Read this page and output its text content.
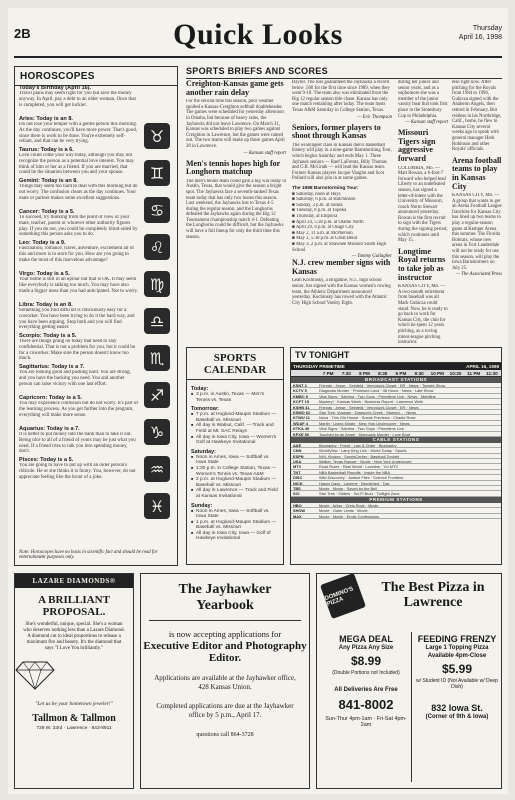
2B	Quick Looks	Thursday
April 16, 1998
HOROSCOPES
Today's Birthday (April 16).
Travel plans may seem right for you but save the money anyway. In April, pay a debt to an older woman. Once that is completed, you will get luckier.
Aries: Today is an 8.
Do not lose your temper with a gentle person this morning. As the day continues, you'll have more power. That's good, since there is work to be done. You're extremely self-reliant, and that can be very trying.
Taurus: Today is a 6.
Love could come your way today, although you may not recognize the person as a potential love interest. You may think of him or her as a friend. If you are married, that could be the situation between you and your spouse.
Gemini: Today is an 8.
Things may seem too hard to deal with this morning but do not worry. The confusion clears as the day continues. Your mate or partner makes some excellent suggestions.
Cancer: Today is a 5.
To succeed, try thinking from the point of view of your mate, teacher, parent or whoever other authority figures play. If you do not, you could be completely blind-sided by something this person asks you to do.
Leo: Today is a 9.
Fascination, romance, travel, adventure, excitement all of this and more is in store for you. How are you going to make the most of this marvelous advantage?
Virgo: Today is a 5.
Your home is still in an uproar but that is OK. It may seem like everybody is talking too much. You may have also made a bigger mess than you had anticipated. Not to worry.
Libra: Today is an 8.
Something you find difficult is ridiculously easy for a coworker. You have been trying to do it the hard way, and you have been arguing. Stop both and you will find everything getting easier.
Scorpio: Today is a 5.
There are things going on today that need to stay confidential. That is not a problem for you, but it could be for a coworker. Make sure the person doesn't know too much.
Sagittarius: Today is a 7.
You are looking good and pushing hard. You are strong, and you have the backing you need. You and another person can raise victory with one last effort.
Capricorn: Today is a 5.
You may experience confusion but do not worry. It's part of the learning process. As you get further into the program, everything will make more sense.
Aquarius: Today is a 7.
It is better to put money into the bank than to take it out. Being nice to all of a friend of yours may be just what you need. If a friend tries to talk you into spending money, don't.
Pisces: Today is a 5.
You are going to have to put up with an older person's ridicule. He or she thinks it is funny. You, however, do not appreciate feeling like the brunt of a joke.
♉
♊
♋
♌
♍
♎
♏
♐
♑
♒
♓
Note: Horoscopes have no basis in scientific fact and should be read for entertainment purposes only.
SPORTS BRIEFS AND SCORES
Creighton-Kansas game gets another rain delay
For the second time this season, poor weather spoiled a Kansas-Creighton softball doubleheader. The games were scheduled for yesterday afternoon in Omaha, but because of heavy rains, the Jayhawks did not leave Lawrence. On March 31, Kansas was scheduled to play two games against Creighton in Lawrence, but the games were rained out. The two teams will make up those games April 28 in Lawrence.
— Kansan staff report
Men's tennis hopes high for Longhorn matchup
The men's tennis team could gain a big win today in Austin, Texas, that would give the season a bright spot. The Jayhawks face a seventh-ranked Texas team today that has only two losses this season. Last weekend, the Jayhawks lost to Texas 4-5 during the regular season, and the Longhorns defeated the Jayhawks again during the Big 12 Tournament championship match 4-1. Defeating the Longhorns could be difficult, but the Jayhawks will have a full lineup for only the third time this season.
Baylor. The loss guaranteed the Jayhawks a record below .500 for the first time since 1989, when they went 9-18. The team also was eliminated from the Big 12 regular season title chase. Kansas has only one match remaining after today. The team hosts Texas A&M Saturday in College Station, Texas.
— Eric Thompson
Seniors, former players to shoot through Kansas
The winningest class in Kansas men's basketball history will play in a nine-game Barnstorming Tour, which begins Saturday and ends May 1. Three Jayhawk seniors — Raef LaFrentz, Billy Thomas and C.B. McGrath — will lead the Kansas team. Former Kansas players Jacque Vaughn and Scot Pollard will also join in at some games.
The 1998 Barnstorming Tour:
■ Saturday, noon at Hays
■ Saturday, 6 p.m. at Hutchinson
■ Sunday, 3 p.m. at Salina
■ Tuesday, 8 p.m. at Topeka
■ Thursday, at Emporia
■ April 24, 5:30 p.m. at Olathe North
■ April 29, 8 p.m. at Osage City
■ May 2, 11 a.m. at McPherson
■ May 2, 5:30 p.m. at Great Bend
■ May 3, 2 p.m. at Shawnee Mission South High School
— Tommy Gallagher
N.J. crew member signs with Kansas
Leah Kochinsky, a Brigatine, N.J., high school senior, has signed with the Kansas women's rowing team, the Athletic Department announced yesterday. Kochinsky has rowed with the Atlantic City High School Varsity Eight.
during her junior and senior years, and as a sophomore she was a member of the junior varsity boat that took first place in the Stotesbury Cup in Philadelphia.
— Kansan staff report
Missouri Tigers sign aggressive forward
COLUMBIA, Mo. — Matt Rowan, a 6-foot-7 forward who helped lead Liberty to an undefeated season, has signed a letter-of-intent with the University of Missouri, coach Norm Stewart announced yesterday. Rowan is the first recruit to sign with the Tigers during the signing period, which continues until May 15.
Longtime Royal returns to take job as instructor
KANSAS CITY, Mo. — A two-month retirement from baseball was all Mark Gubicza could stand. Now, he is ready to go back to work for Kansas City, the club for which he spent 12 years pitching, as a roving minor-league pitching instructor.
else right now. After pitching for the Royals from 1984 to 1996, Gubicza signed with the Anaheim Angels, then retired in February. But restless in his Northridge, Calif., home, he flew to Kansas City several weeks ago to speak with general manager Herk Robinson and other Royals' officials.
Arena football teams to play in Kansas City
KANSAS CITY, Mo. — A group that wants to get an Arena Football League franchise for Kansas City has lined up two teams to play a regular-season game at Kemper Arena this summer. The Florida Bobcats, whose new arena in Fort Lauderdale will not be ready for use this season, will play the Iowa Barnstormers on July 25.
— The Associated Press
SPORTS CALENDAR
Today:
■ 3 p.m. in Austin, Texas — Men's Tennis vs. Texas
Tomorrow:
■ 7 p.m. at Hoglund-Maupin Stadium — Baseball vs. Missouri
■ All day in Walnut, Calif. — Track and Field at Mt. SAC Relays
■ All day in Iowa City, Iowa — Women's Golf at Hawkeye Invitational
Saturday:
■ Noon in Ames, Iowa — Softball vs. Iowa State
■ 1:30 p.m. in College Station, Texas — Women's Tennis vs. Texas A&M
■ 2 p.m. at Hoglund-Maupin Stadium — Baseball vs. Missouri
■ All day in Lawrence — Track and Field at Kansas Invitational
Sunday:
■ Noon in Ames, Iowa — Softball vs. Iowa State
■ 1 p.m. at Hoglund-Maupin Stadium — Baseball vs. Missouri
■ All day in Iowa City, Iowa — Golf of Hawkeye Invitational
TV TONIGHT
THURSDAY PRIMETIME	APRIL 16, 1998
7 PM	7:30	8 PM	8:30	9 PM	9:30	10 PM	10:30	11 PM	11:30
BROADCAST STATIONS
KSNT 2	Friends · Jesse · Seinfeld · Verónica's Closet · ER · News · Tonight Show
KCTV 5	Diagnosis Murder · Promised Land · 48 Hours · News · Late Show
KMBC 9	Vital Signs · Sabrina · Two Guys · Primetime Live · News · Nightline
KCPT 19	Mystery! · Kansas Week · Business Report · Lawrence Welk
KSHB 41	Friends · Jesse · Seinfeld · Verónica's Closet · ER · News
KSMO 62	Star Trek: Voyager · Dawson's Creek · Married... · News
KTWU 11	Nova · This Old House · Sneak Previews · Charlie Rose
WDAF 4	Martin · Living Single · New York Undercover · News
KTKA 49	Vital Signs · Sabrina · Two Guys · Primetime Live
KPXE 50	Touched by an Angel · Diagnosis Murder · Love Boat
CABLE STATIONS
A&E	Biography · Poirot · Law & Order · Biography
CNN	WorldView · Larry King Live · World Today · Sports
ESPN	NHL Hockey · SportsCenter · Baseball Tonight
USA	Walker, Texas Ranger · Movie · New York Undercover
MTV	Road Rules · Real World · Loveline · Yo! MTV
TNT	NBA Basketball Playoffs · Inside the NBA
DISC	Wild Discovery · Justice Files · Science Frontiers
NICK	Happy Days · Laverne · Bewitched · Taxi
TBS	Movie · Movie · Saved by the Bell
SCI	Star Trek · Sliders · Sci-Fi Buzz · Twilight Zone
PREMIUM STATIONS
HBO	Movie · Arliss · Chris Rock · Movie
SHOW	Movie · Outer Limits · Movie
MAX	Movie · Movie · Erotic Confessions
LAZARE DIAMONDS®
A BRILLIANT PROPOSAL.
She's wonderful, unique, special. She's a woman who deserves nothing less than a Lazare Diamond. A diamond cut to ideal proportions to release a maximum fire and beauty. It's the diamond that says "I Love You brilliantly."
"Let us be your hometown jeweler!"
Tallmon & Tallmon
729 W. 23rd · Lawrence · 843-8911
The Jayhawker Yearbook
is now accepting applications for
Executive Editor and Photography Editor.
Applications are available at the Jayhawker office, 428 Kansas Union.
Completed applications are due at the Jayhawker office by 5 p.m., April 17.
questions call 864-3728
DOMINO'S PIZZA
The Best Pizza in Lawrence
MEGA DEAL
Any Pizza Any Size
$8.99
(Double Portions not Included)
All Deliveries Are Free
841-8002
Sun-Thur 4pm-1am · Fri-Sat 4pm-2am
FEEDING FRENZY
Large 1 Topping Pizza Available 4pm-Close
$5.99
w/ Student ID (Not Available w/ Deep Dish)
832 Iowa St.
(Corner of 9th & Iowa)
